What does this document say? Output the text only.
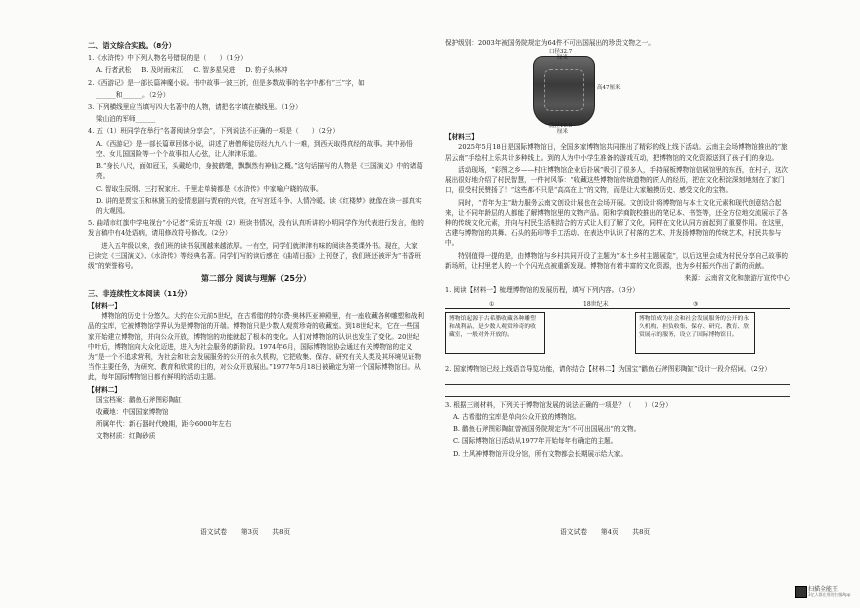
二、语文综合实践。（8分）
1.《水浒传》中下列人物名号错误的是（　　）（1分）
A. 行者武松 B. 及时雨宋江 C. 智多星吴进 D. 豹子头林冲
2.《西游记》是一部长篇神魔小说。书中故事一波三折，但是多数故事的名字中都有“三”字，如
______和______。（2分）
3. 下列横线里应当填写四大名著中的人物，请把名字填在横线里。（1分）
梁山泊的军师______
4. 五（1）班同学在举行“名著阅读分享会”，下列说法不正确的一项是（　　）（2分）
A.《西游记》是一部长篇章回体小说，讲述了唐僧师徒历经九九八十一难，到西天取得真经的故事。其中孙悟空、女儿国国险等一个个故事扣人心弦，让人津津乐道。
B.“身长八尺，面如冠玉，头戴纶巾，身披鹤氅，飘飘然有神仙之概。”这句话描写的人物是《三国演义》中的诸葛亮。
C. 智取生辰纲、三打祝家庄、千里走单骑都是《水浒传》中家喻户晓的故事。
D. 讲的是贾宝玉和林黛玉的爱情悲剧与贾府的兴衰，在写宫廷斗争、人情冷暖。读《红楼梦》就像在读一部真实的大观园。
5. 曲靖市红旗中学电视台“小记者”采访五年级（2）班读书情况，没有认真听讲的小明同学作为代表进行发言，他的发言稿中有4处语病，请用修改符号修改。（2分）
　　进入五年级以来，我们班的读书氛围越来越浓厚。一有空，同学们就津津有味的阅读各类课外书。现在，大家已读完《三国演义》、《水浒传》等经典名著。同学们写的读后感在《曲靖日报》上刊登了，我们班还被评为“书香班级”的荣誉称号。
第二部分 阅读与理解（25分）
三、非连续性文本阅读（11分）
【材料一】
　　博物馆的历史十分悠久。大约在公元前5世纪，在古希腊的特尔费·奥林匹亚神殿里，有一座收藏各种雕塑和战利品的宝库，它被博物馆学界认为是博物馆的开端。博物馆只是少数人观赏珍奇的收藏室。到18世纪末，它在一些国家开始建立博物馆，并向公众开放，博物馆的功能就起了根本的变化。人们对博物馆的认识也发生了变化。20世纪中叶后，博物馆向大众化迈进，进入为社会服务的新阶段。1974年6月，国际博物馆协会通过有关博物馆的定义为“是一个不追求营利，为社会和社会发展服务的公开的永久机构，它把收集、保存、研究有关人类及其环境见证物当作主要任务，为研究、教育和欣赏的目的，对公众开放展出。”1977年5月18日被确定为第一个国际博物馆日。从此，每年国际博物馆日都有鲜明的活动主题。
【材料二】
国宝档案：鹳鱼石斧图彩陶缸
收藏地：中国国家博物馆
所属年代：新石器时代晚期，距今6000年左右
文物材质：红陶砂质
语文试卷　　第3页　　共8页
保护级别：2003年被国务院规定为64件不可出国展出的珍贵文物之一。
口径32.7
厘米
高47厘米
底径19.5
厘米
【材料三】
　　2025年5月18日是国际博物馆日，全国多家博物馆共同推出了精彩的线上线下活动。云南主会场博物馆推出的“旅居云南”手绘村上乐共计多种线上。到的人为中小学生准备的游戏互动，把博物馆的文化资源送到了孩子们的身边。
　　活动现场，“彩图之乡——村庄博物馆企业后扑展”吸引了很多人，手持展板博物馆信展馆里的东西，在村子，这次展出很好地介绍了村民智慧，一件衬风筝：“收藏这些博物馆传统遗物的匠人的经历，把在文化积淀深刻地刻在了家门口，很受村民赞扬了！”这些都不只是“高高在上”的文物，而是让大家触摸历史、感受文化的宝物。
　　同时，“青年为主”助力服务云南文创设计展也在会场开展。文创设计将博物馆与本土文化元素和现代创意结合起来，让不同年龄层的人都能了解博物馆里的文物产品。阳和学商院校推出的笔记本、书签等，还全方位地交流展示了各种的传统文化元素，并向与村民生活相结合的方式让人们了解了文化，同样在文化认同方面起到了重要作用。在这里，古建与博物馆的共舞、石头的拓印等手工活动、在表达中认识了村落的艺术、并发扬博物馆的传统艺术，村民共参与中。
　　特别值得一提的是，由博物馆与乡村共同开设了主题为“本土乡村主题展览”，以后这里会成为村民分享自己故事的新场所，让村里老人的一个个闪光点被重新发现。博物馆有着丰富的文化资源，也为乡村振兴作出了新的贡献。
来源：云南省文化和旅游厅宣传中心
1. 阅读【材料一】梳理博物馆的发展历程，填写下列内容。（3分）
①	18世纪末	③
博物馆起源于古希腊收藏各种雕塑和战利品，是少数人观赏珍奇的收藏室，一般对外开放的。
博物馆成为社会和社会发展服务的公开的永久机构，担负收集、保存、研究、教育、欣赏展示的服务，设立了国际博物馆日。
2. 国家博物馆已经上线语音导览功能，请你结合【材料二】为国宝“鹳鱼石斧图彩陶缸”设计一段介绍词。（2分）
3. 根据三则材料，下列关于博物馆发展的说法正确的一项是？（　　）（2分）
A. 古希腊的宝库是单向公众开放的博物馆。
B. 鹳鱼石斧图彩陶缸曾被国务院规定为“不可出国展出”的文物。
C. 国际博物馆日活动从1977年开始每年有确定的主题。
D. 土风神博物馆开设分馆，所有文物都会长期展示给大家。
语文试卷　　第4页　　共8页
扫描全能王
3亿人都在用的扫描App
